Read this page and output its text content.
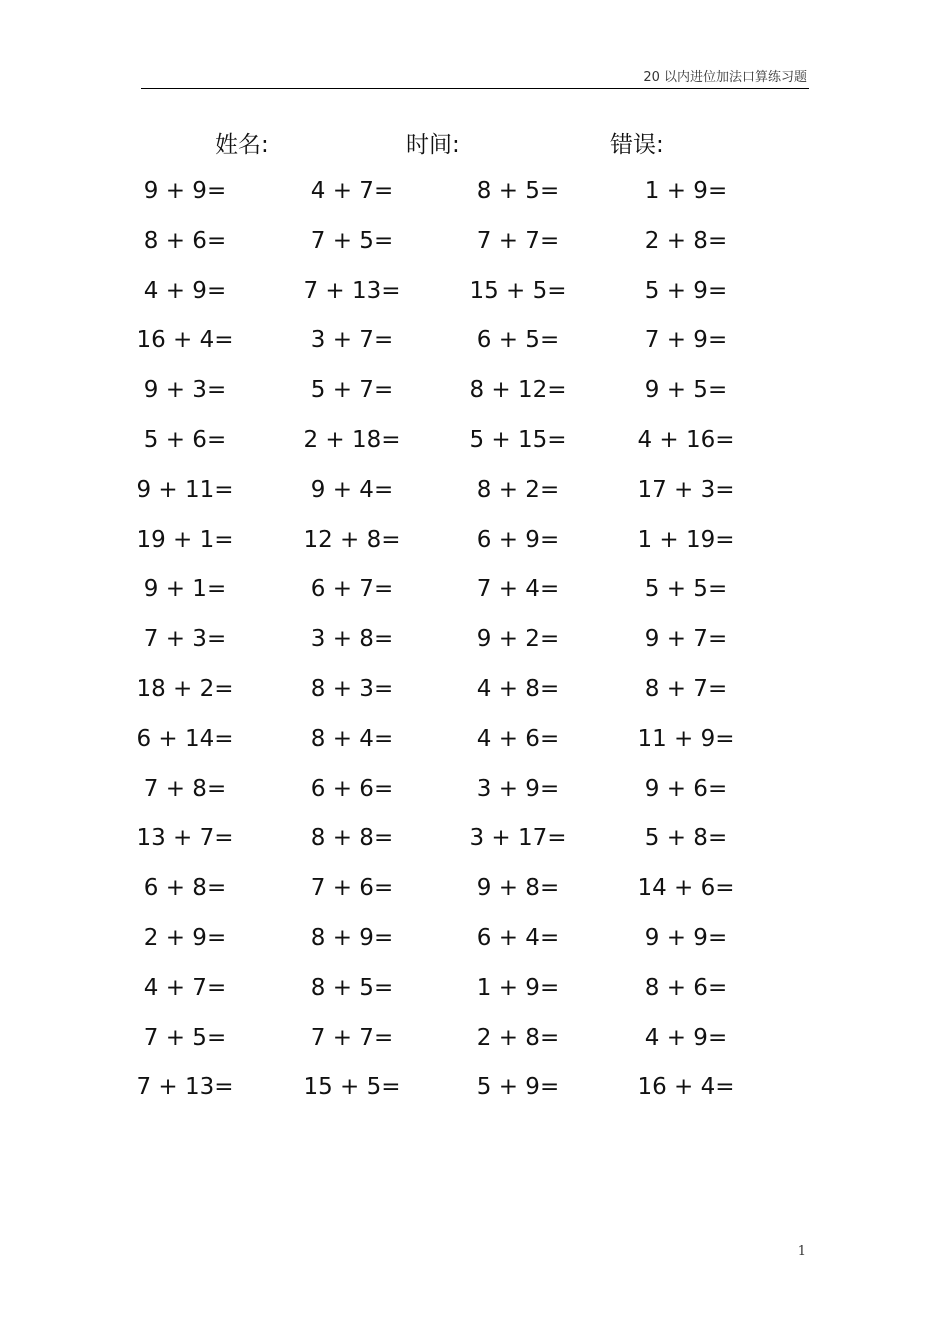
20 以内进位加法口算练习题
姓名:	时间:	错误:
9 + 9=	4 + 7=	8 + 5=	1 + 9=
8 + 6=	7 + 5=	7 + 7=	2 + 8=
4 + 9=	7 + 13=	15 + 5=	5 + 9=
16 + 4=	3 + 7=	6 + 5=	7 + 9=
9 + 3=	5 + 7=	8 + 12=	9 + 5=
5 + 6=	2 + 18=	5 + 15=	4 + 16=
9 + 11=	9 + 4=	8 + 2=	17 + 3=
19 + 1=	12 + 8=	6 + 9=	1 + 19=
9 + 1=	6 + 7=	7 + 4=	5 + 5=
7 + 3=	3 + 8=	9 + 2=	9 + 7=
18 + 2=	8 + 3=	4 + 8=	8 + 7=
6 + 14=	8 + 4=	4 + 6=	11 + 9=
7 + 8=	6 + 6=	3 + 9=	9 + 6=
13 + 7=	8 + 8=	3 + 17=	5 + 8=
6 + 8=	7 + 6=	9 + 8=	14 + 6=
2 + 9=	8 + 9=	6 + 4=	9 + 9=
4 + 7=	8 + 5=	1 + 9=	8 + 6=
7 + 5=	7 + 7=	2 + 8=	4 + 9=
7 + 13=	15 + 5=	5 + 9=	16 + 4=
1
